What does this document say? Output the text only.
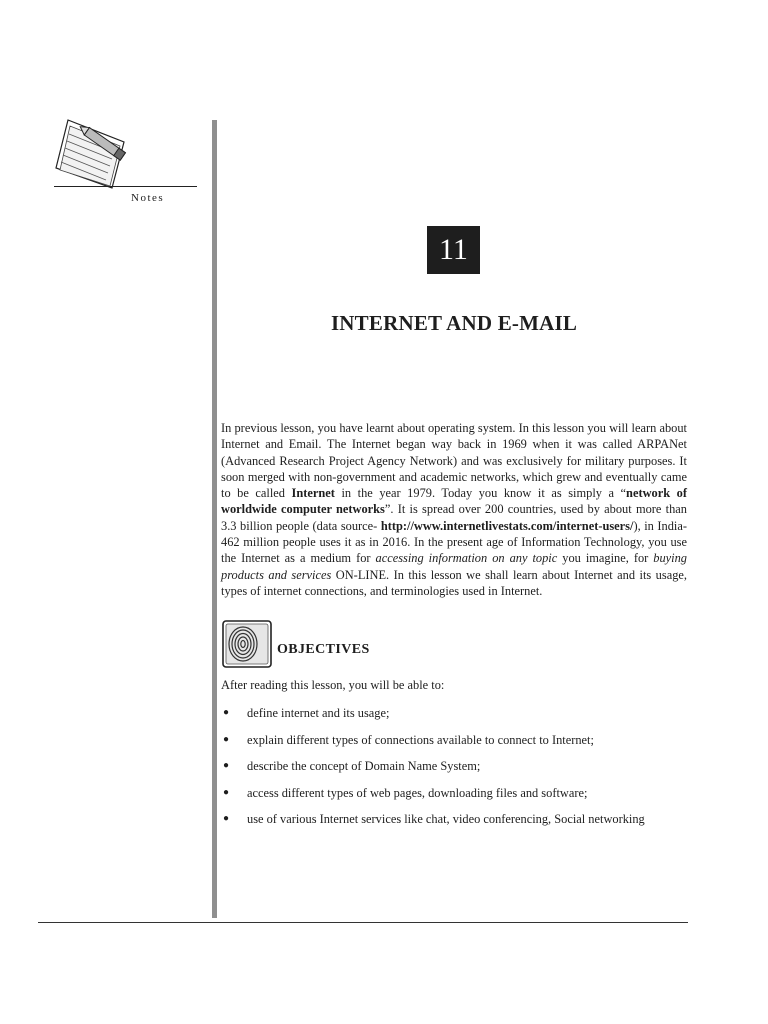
Notes
11
INTERNET AND E-MAIL

In previous lesson, you have learnt about operating system. In this lesson you will learn about Internet and Email. The Internet began way back in 1969 when it was called ARPANet (Advanced Research Project Agency Network) and was exclusively for military purposes. It soon merged with non-government and academic networks, which grew and eventually came to be called Internet in the year 1979. Today you know it as simply a “network of worldwide computer networks”. It is spread over 200 countries, used by about more than 3.3 billion people (data source- http://www.internetlivestats.com/internet-users/), in India- 462 million people uses it as in 2016. In the present age of Information Technology, you use the Internet as a medium for accessing information on any topic you imagine, for buying products and services ON-LINE. In this lesson we shall learn about Internet and its usage, types of internet connections, and terminologies used in Internet.

OBJECTIVES
After reading this lesson, you will be able to:
● define internet and its usage;
● explain different types of connections available to connect to Internet;
● describe the concept of Domain Name System;
● access different types of web pages, downloading files and software;
● use of various Internet services like chat, video conferencing, Social networking
